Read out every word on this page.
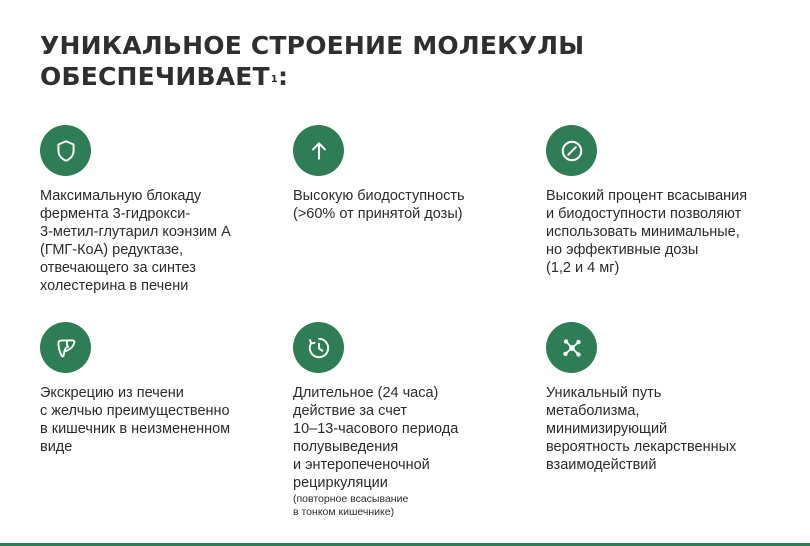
УНИКАЛЬНОЕ СТРОЕНИЕ МОЛЕКУЛЫ
ОБЕСПЕЧИВАЕТ$^1$:
Максимальную блокаду
фермента 3-гидрокси-
3-метил-глутарил коэнзим А
(ГМГ-КоА) редуктазе,
отвечающего за синтез
холестерина в печени
Высокую биодоступность
(>60% от принятой дозы)
Высокий процент всасывания
и биодоступности позволяют
использовать минимальные,
но эффективные дозы
(1,2 и 4 мг)
Экскрецию из печени
с желчью преимущественно
в кишечник в неизмененном
виде
Длительное (24 часа)
действие за счет
10–13-часового периода
полувыведения
и энтеропеченочной
рециркуляции
(повторное всасывание
в тонком кишечнике)
Уникальный путь
метаболизма,
минимизирующий
вероятность лекарственных
взаимодействий
